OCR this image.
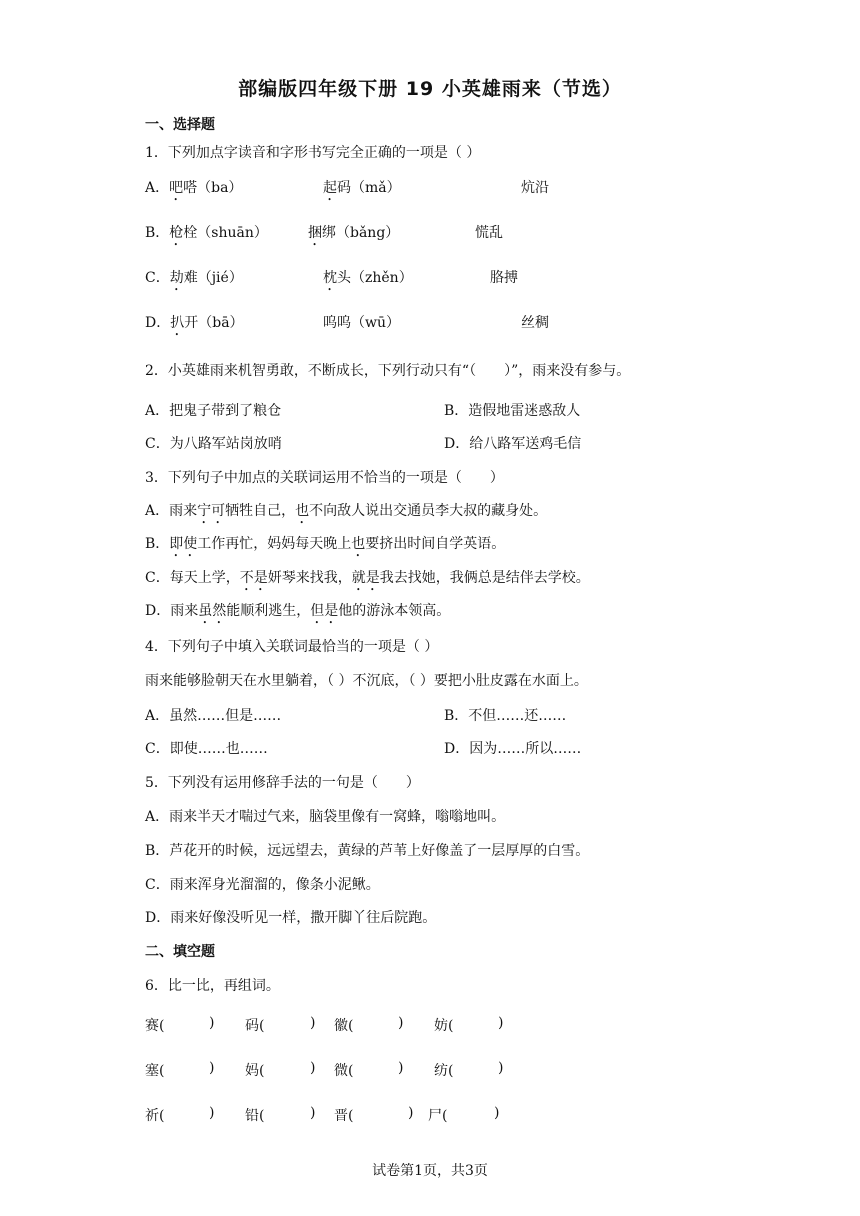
部编版四年级下册 19 小英雄雨来（节选）
一、选择题
1．下列加点字读音和字形书写完全正确的一项是（ ）
A．吧嗒（ba）	起码（mǎ）	炕沿
B．枪栓（shuān）	捆绑（bǎng）	慌乱
C．劫难（jié）	枕头（zhěn）	胳搏
D．扒开（bā）	呜呜（wū）	丝稠
2．小英雄雨来机智勇敢，不断成长，下列行动只有“（　　）”，雨来没有参与。
A．把鬼子带到了粮仓	B．造假地雷迷惑敌人
C．为八路军站岗放哨	D．给八路军送鸡毛信
3．下列句子中加点的关联词运用不恰当的一项是（　　）
A．雨来宁可牺牲自己，也不向敌人说出交通员李大叔的藏身处。
B．即使工作再忙，妈妈每天晚上也要挤出时间自学英语。
C．每天上学，不是妍琴来找我，就是我去找她，我俩总是结伴去学校。
D．雨来虽然能顺利逃生，但是他的游泳本领高。
4．下列句子中填入关联词最恰当的一项是（ ）
雨来能够脸朝天在水里躺着，（ ）不沉底，（ ）要把小肚皮露在水面上。
A．虽然……但是……	B．不但……还……
C．即使……也……	D．因为……所以……
5．下列没有运用修辞手法的一句是（　　）
A．雨来半天才喘过气来，脑袋里像有一窝蜂，嗡嗡地叫。
B．芦花开的时候，远远望去，黄绿的芦苇上好像盖了一层厚厚的白雪。
C．雨来浑身光溜溜的，像条小泥鳅。
D．雨来好像没听见一样，撒开脚丫往后院跑。
二、填空题
6．比一比，再组词。
赛(	) 码(	) 徽(	) 妨(	)
塞(	) 妈(	) 微(	) 纺(	)
祈(	) 铅(	) 晋(	) 尸(	)
试卷第1页，共3页
